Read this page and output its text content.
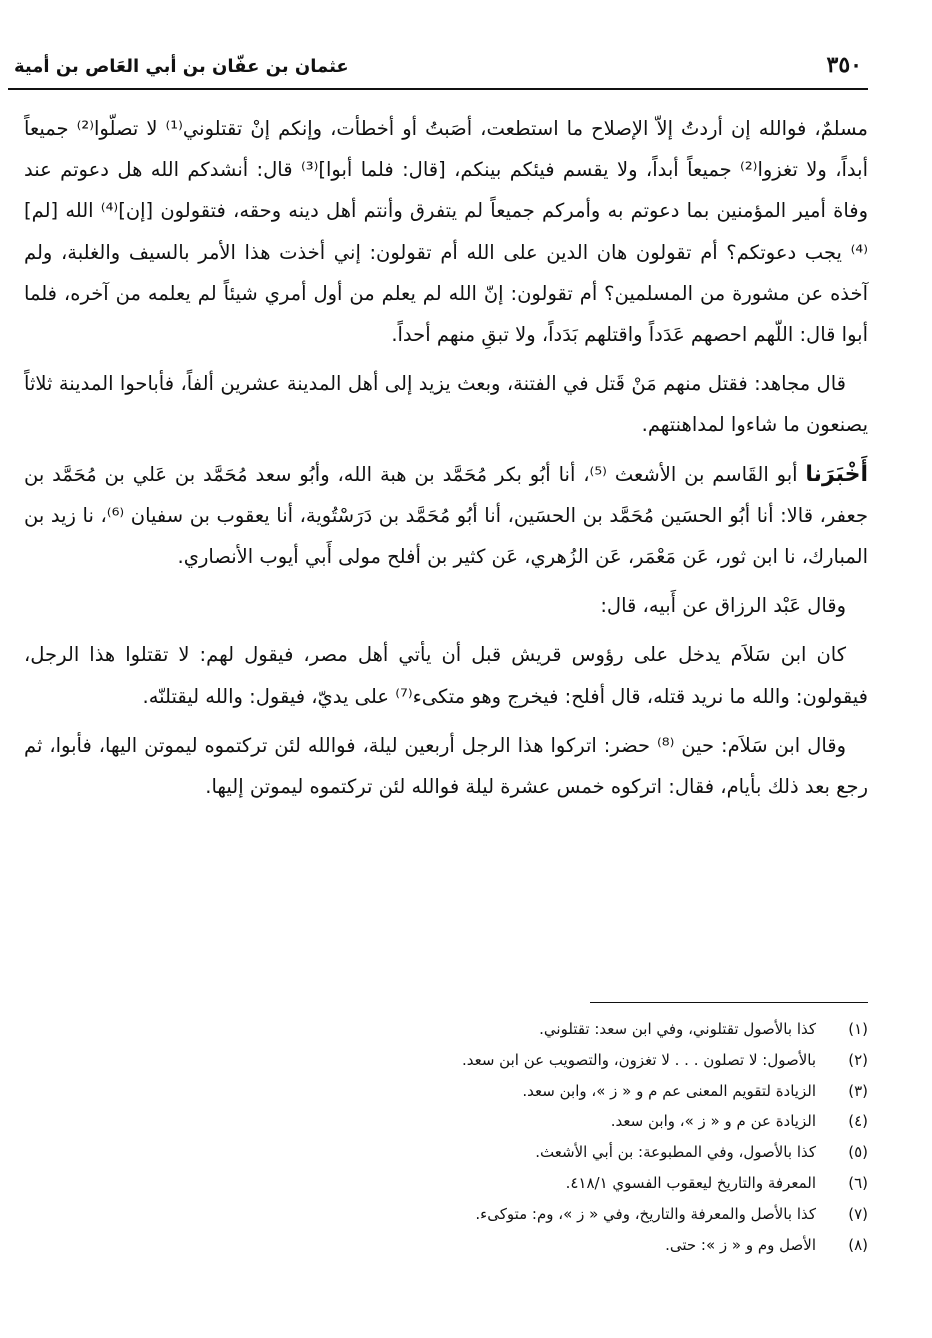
٣٥٠
عثمان بن عفّان بن أبي العَاص بن أمية

مسلمٌ، فوالله إن أردتُ إلاّ الإصلاح ما استطعت، أصَبتُ أو أخطأت، وإنكم إنْ تقتلوني⁽¹⁾ لا تصلّوا⁽²⁾ جميعاً أبداً، ولا تغزوا⁽²⁾ جميعاً أبداً، ولا يقسم فيئكم بينكم، [قال: فلما أبوا]⁽³⁾ قال: أنشدكم الله هل دعوتم عند وفاة أمير المؤمنين بما دعوتم به وأمركم جميعاً لم يتفرق وأنتم أهل دينه وحقه، فتقولون [إن]⁽⁴⁾ الله [لم]⁽⁴⁾ يجب دعوتكم؟ أم تقولون هان الدين على الله أم تقولون: إني أخذت هذا الأمر بالسيف والغلبة، ولم آخذه عن مشورة من المسلمين؟ أم تقولون: إنّ الله لم يعلم من أول أمري شيئاً لم يعلمه من آخره، فلما أبوا قال: اللّهم احصهم عَدَداً واقتلهم بَدَداً، ولا تبقِ منهم أحداً.

قال مجاهد: فقتل منهم مَنْ قَتل في الفتنة، وبعث يزيد إلى أهل المدينة عشرين ألفاً، فأباحوا المدينة ثلاثاً يصنعون ما شاءوا لمداهنتهم.

أَخْبَرَنا أبو القَاسم بن الأشعث ⁽⁵⁾، أنا أبُو بكر مُحَمَّد بن هبة الله، وأبُو سعد مُحَمَّد بن عَلي بن مُحَمَّد بن جعفر، قالا: أنا أبُو الحسَين مُحَمَّد بن الحسَين، أنا أبُو مُحَمَّد بن دَرَسْتُوية، أنا يعقوب بن سفيان ⁽⁶⁾، نا زيد بن المبارك، نا ابن ثور، عَن مَعْمَر، عَن الزُهري، عَن كثير بن أفلح مولى أَبي أيوب الأنصاري.

وقال عَبْد الرزاق عن أَبيه، قال:

كان ابن سَلاَم يدخل على رؤوس قريش قبل أن يأتي أهل مصر، فيقول لهم: لا تقتلوا هذا الرجل، فيقولون: والله ما نريد قتله، قال أفلح: فيخرج وهو متكىء⁽⁷⁾ على يديّ، فيقول: والله ليقتلنّه.

وقال ابن سَلاَم: حين ⁽⁸⁾ حضر: اتركوا هذا الرجل أربعين ليلة، فوالله لئن تركتموه ليموتن اليها، فأبوا، ثم رجع بعد ذلك بأيام، فقال: اتركوه خمس عشرة ليلة فوالله لئن تركتموه ليموتن إليها.

(١)
كذا بالأصول تقتلوني، وفي ابن سعد: تقتلوني.
(٢)
بالأصول: لا تصلون . . . لا تغزون، والتصويب عن ابن سعد.
(٣)
الزيادة لتقويم المعنى عم م و « ز »، وابن سعد.
(٤)
الزيادة عن م و « ز »، وابن سعد.
(٥)
كذا بالأصول، وفي المطبوعة: بن أبي الأشعث.
(٦)
المعرفة والتاريخ ليعقوب الفسوي ٤١٨/١.
(٧)
كذا بالأصل والمعرفة والتاريخ، وفي « ز »، وم: متوكىء.
(٨)
الأصل وم و « ز »: حتى.
